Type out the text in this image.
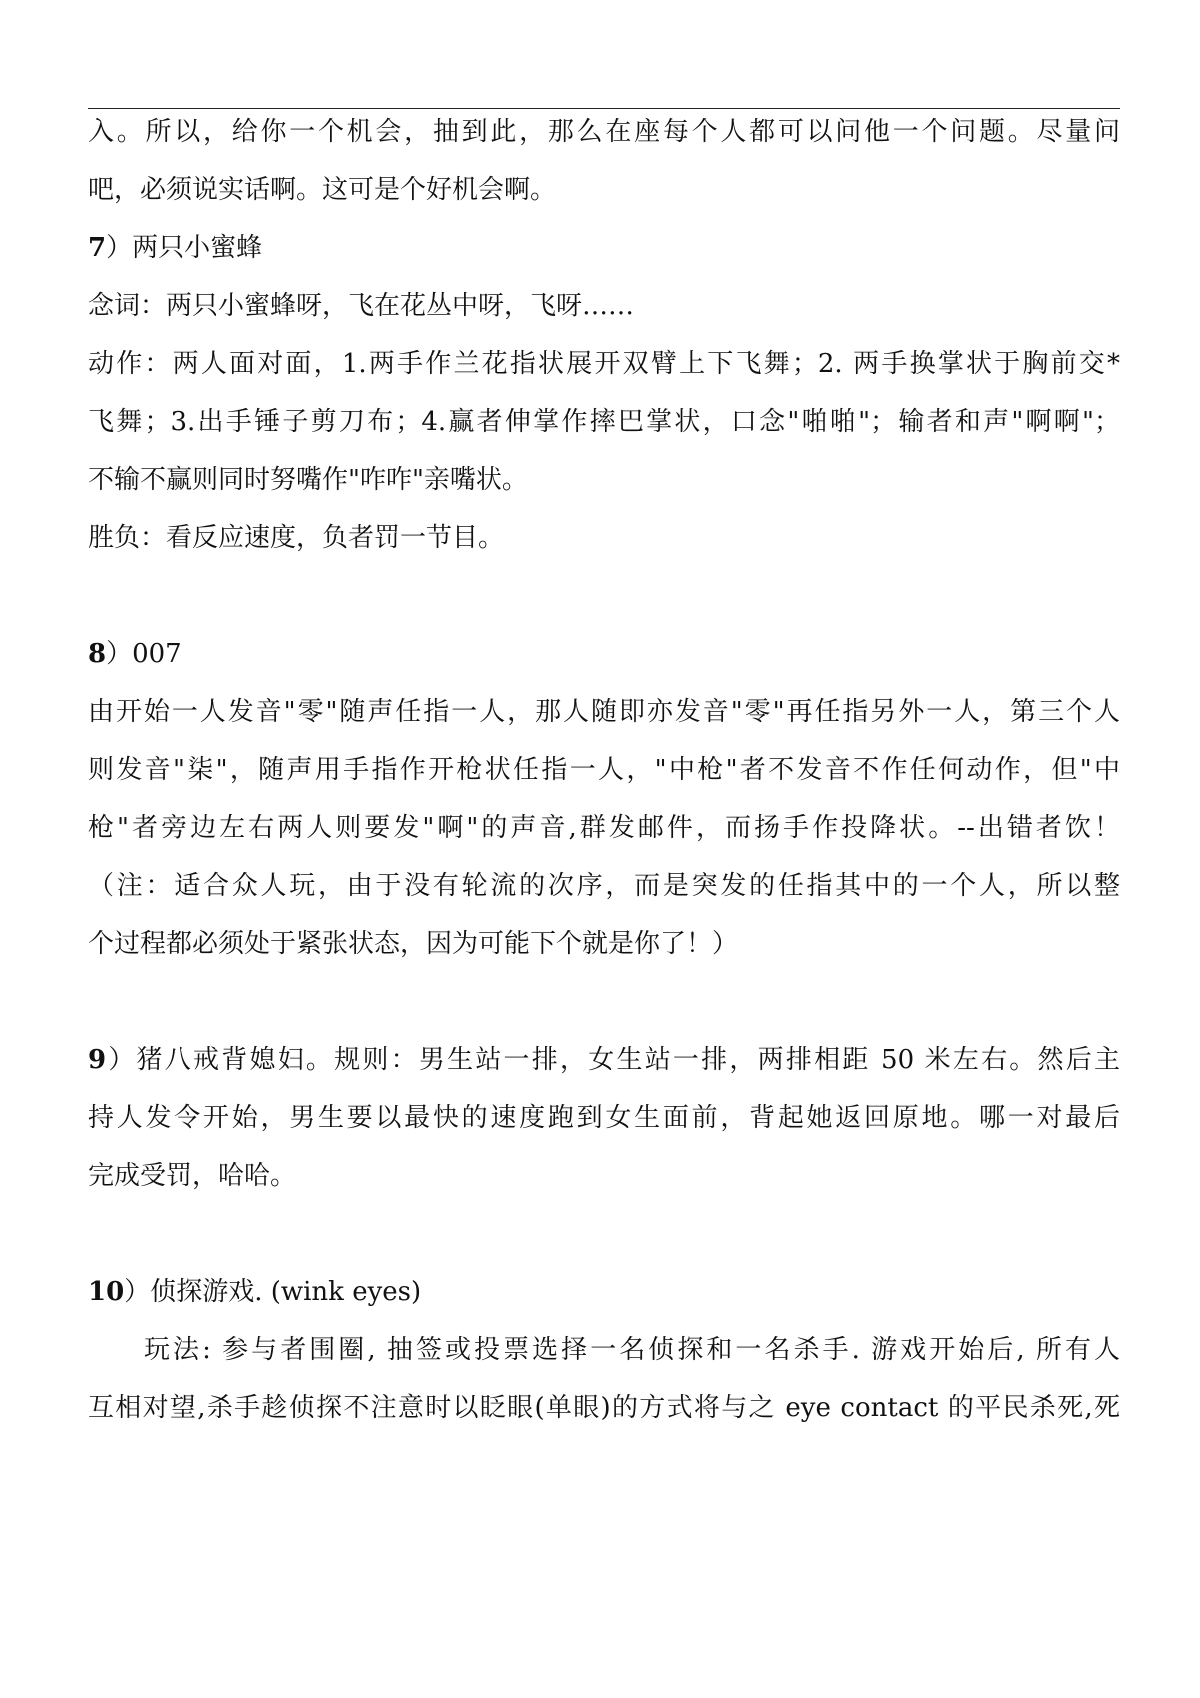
入。所以，给你一个机会，抽到此，那么在座每个人都可以问他一个问题。尽量问
吧，必须说实话啊。这可是个好机会啊。
7）两只小蜜蜂
念词：两只小蜜蜂呀，飞在花丛中呀，飞呀……
动作：两人面对面，1.两手作兰花指状展开双臂上下飞舞；2. 两手换掌状于胸前交*
飞舞；3.出手锤子剪刀布；4.赢者伸掌作摔巴掌状，口念"啪啪"；输者和声"啊啊"；
不输不赢则同时努嘴作"咋咋"亲嘴状。
胜负：看反应速度，负者罚一节目。
8）007
由开始一人发音"零"随声任指一人，那人随即亦发音"零"再任指另外一人，第三个人
则发音"柒"，随声用手指作开枪状任指一人，"中枪"者不发音不作任何动作，但"中
枪"者旁边左右两人则要发"啊"的声音,群发邮件，而扬手作投降状。--出错者饮！
（注：适合众人玩，由于没有轮流的次序，而是突发的任指其中的一个人，所以整
个过程都必须处于紧张状态，因为可能下个就是你了！）
9）猪八戒背媳妇。规则：男生站一排，女生站一排，两排相距 50 米左右。然后主
持人发令开始，男生要以最快的速度跑到女生面前，背起她返回原地。哪一对最后
完成受罚，哈哈。
10）侦探游戏. (wink eyes)
玩法: 参与者围圈, 抽签或投票选择一名侦探和一名杀手. 游戏开始后, 所有人
互相对望,杀手趁侦探不注意时以眨眼(单眼)的方式将与之 eye contact 的平民杀死,死
